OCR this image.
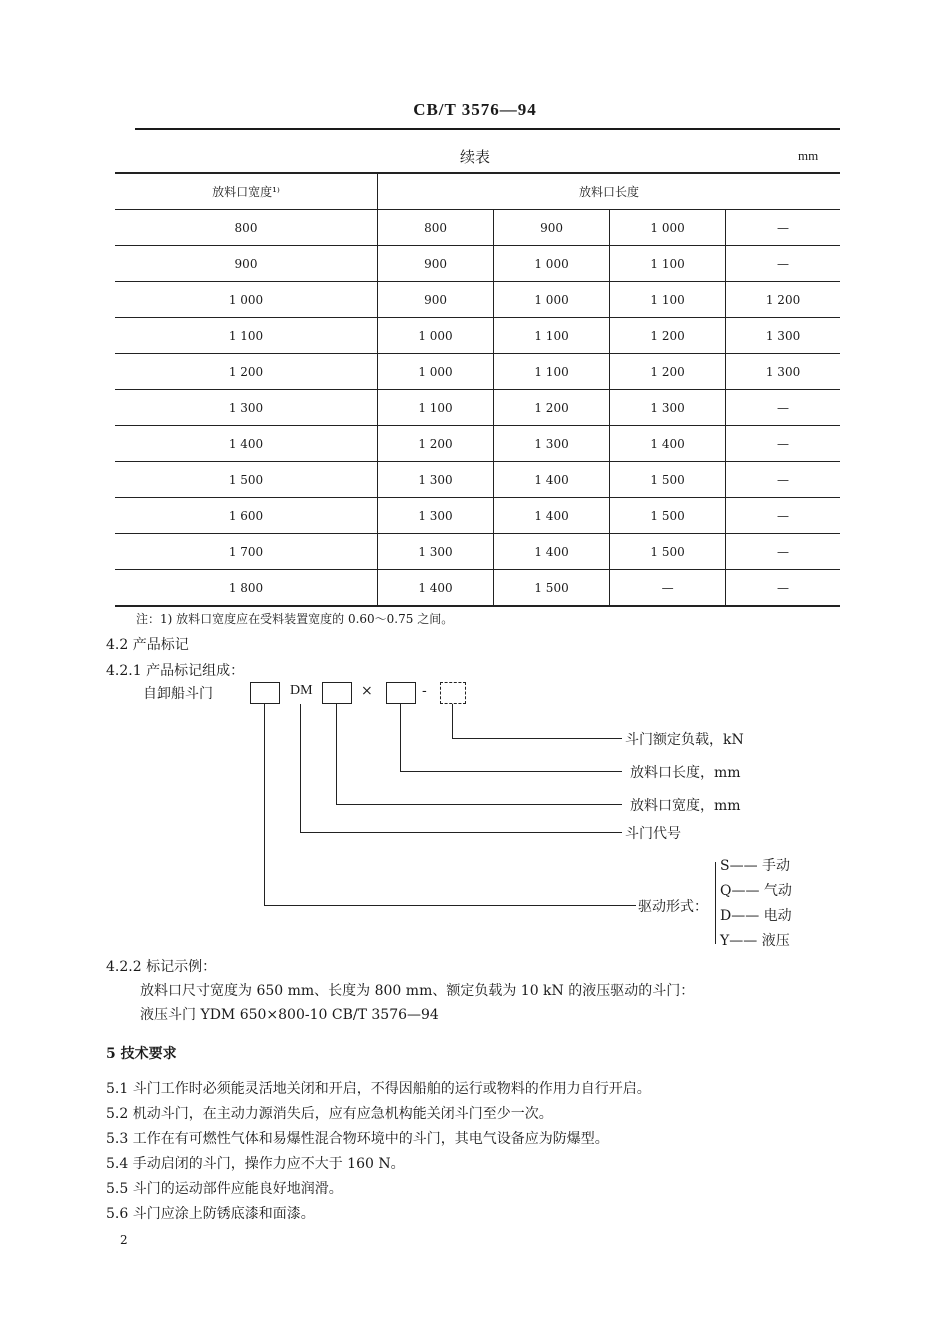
CB/T 3576—94
续表	mm
放料口宽度¹⁾	放料口长度			
800	800	900	1 000	—
900	900	1 000	1 100	—
1 000	900	1 000	1 100	1 200
1 100	1 000	1 100	1 200	1 300
1 200	1 000	1 100	1 200	1 300
1 300	1 100	1 200	1 300	—
1 400	1 200	1 300	1 400	—
1 500	1 300	1 400	1 500	—
1 600	1 300	1 400	1 500	—
1 700	1 300	1 400	1 500	—
1 800	1 400	1 500	—	—
注：1) 放料口宽度应在受料装置宽度的 0.60～0.75 之间。
4.2 产品标记
4.2.1 产品标记组成：
自卸船斗门	DM	×	-
斗门额定负载，kN
放料口长度，mm
放料口宽度，mm
斗门代号
驱动形式：
S—— 手动
Q—— 气动
D—— 电动
Y—— 液压
4.2.2 标记示例：
放料口尺寸宽度为 650 mm、长度为 800 mm、额定负载为 10 kN 的液压驱动的斗门：
液压斗门 YDM 650×800-10 CB/T 3576—94
5 技术要求
5.1 斗门工作时必须能灵活地关闭和开启，不得因船舶的运行或物料的作用力自行开启。
5.2 机动斗门，在主动力源消失后，应有应急机构能关闭斗门至少一次。
5.3 工作在有可燃性气体和易爆性混合物环境中的斗门，其电气设备应为防爆型。
5.4 手动启闭的斗门，操作力应不大于 160 N。
5.5 斗门的运动部件应能良好地润滑。
5.6 斗门应涂上防锈底漆和面漆。
2
